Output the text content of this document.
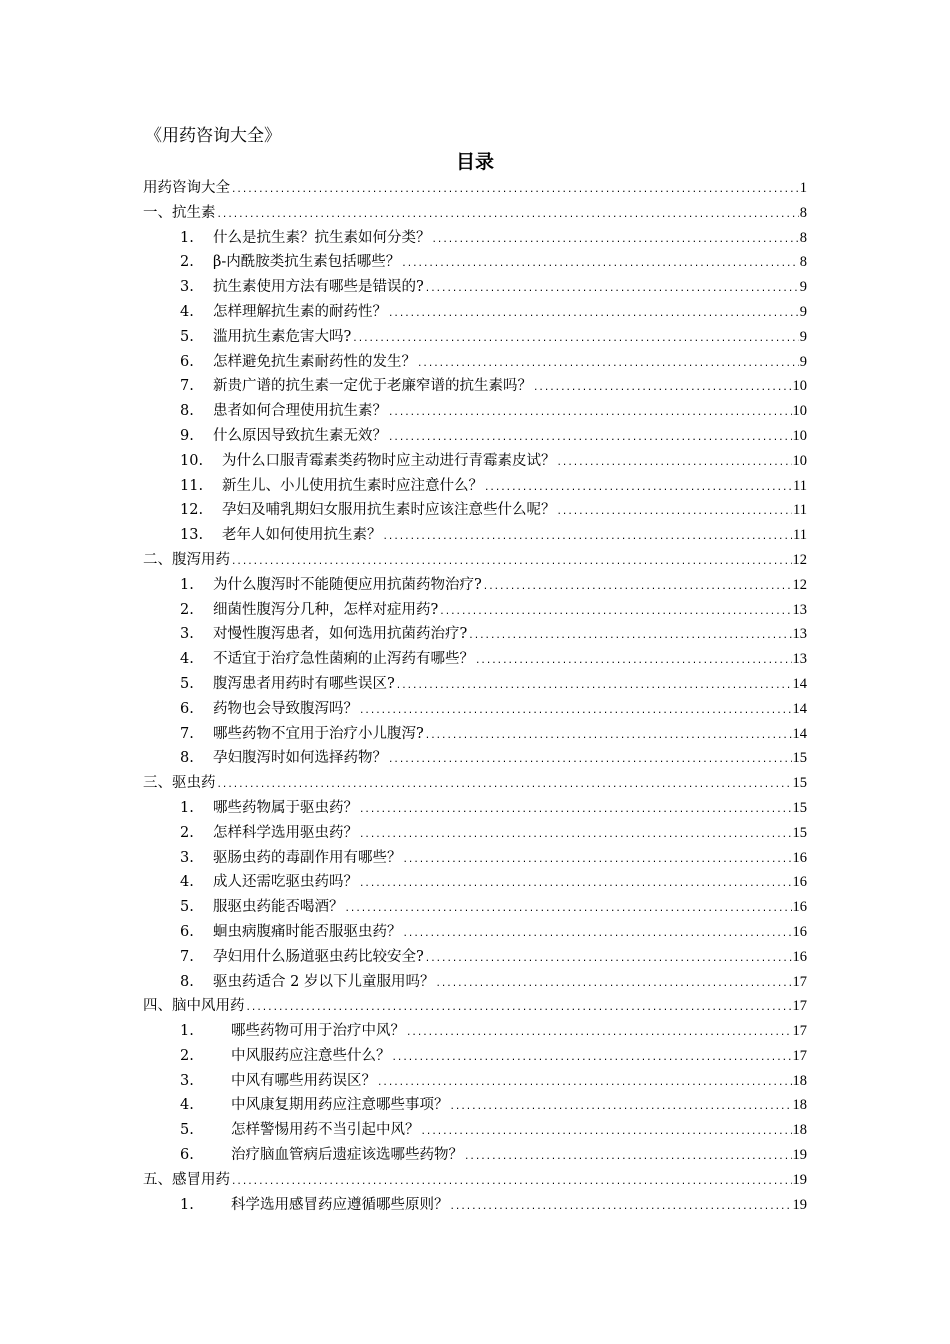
《用药咨询大全》
目录
用药咨询大全 .....	1
一、抗生素 .....	8
1.	什么是抗生素？抗生素如何分类？ .....	8
2.	β-内酰胺类抗生素包括哪些？ .....	8
3.	抗生素使用方法有哪些是错误的? .....	9
4.	怎样理解抗生素的耐药性？ .....	9
5.	滥用抗生素危害大吗? .....	9
6.	怎样避免抗生素耐药性的发生？ .....	9
7.	新贵广谱的抗生素一定优于老廉窄谱的抗生素吗？ .....	10
8.	患者如何合理使用抗生素？ .....	10
9.	什么原因导致抗生素无效？ .....	10
10.	为什么口服青霉素类药物时应主动进行青霉素皮试？ .....	10
11.	新生儿、小儿使用抗生素时应注意什么？ .....	11
12.	孕妇及哺乳期妇女服用抗生素时应该注意些什么呢？ .....	11
13.	老年人如何使用抗生素？ .....	11
二、腹泻用药 .....	12
1.	为什么腹泻时不能随便应用抗菌药物治疗? .....	12
2.	细菌性腹泻分几种，怎样对症用药? .....	13
3.	对慢性腹泻患者，如何选用抗菌药治疗? .....	13
4.	不适宜于治疗急性菌痢的止泻药有哪些？ .....	13
5.	腹泻患者用药时有哪些误区? .....	14
6.	药物也会导致腹泻吗？ .....	14
7.	哪些药物不宜用于治疗小儿腹泻? .....	14
8.	孕妇腹泻时如何选择药物？ .....	15
三、驱虫药 .....	15
1.	哪些药物属于驱虫药？ .....	15
2.	怎样科学选用驱虫药？ .....	15
3.	驱肠虫药的毒副作用有哪些？ .....	16
4.	成人还需吃驱虫药吗？ .....	16
5.	服驱虫药能否喝酒？ .....	16
6.	蛔虫病腹痛时能否服驱虫药？ .....	16
7.	孕妇用什么肠道驱虫药比较安全? .....	16
8.	驱虫药适合 2 岁以下儿童服用吗？ .....	17
四、脑中风用药 .....	17
1.	哪些药物可用于治疗中风？ .....	17
2.	中风服药应注意些什么？ .....	17
3.	中风有哪些用药误区？ .....	18
4.	中风康复期用药应注意哪些事项？ .....	18
5.	怎样警惕用药不当引起中风？ .....	18
6.	治疗脑血管病后遗症该选哪些药物？ .....	19
五、感冒用药 .....	19
1.	科学选用感冒药应遵循哪些原则？ .....	19
